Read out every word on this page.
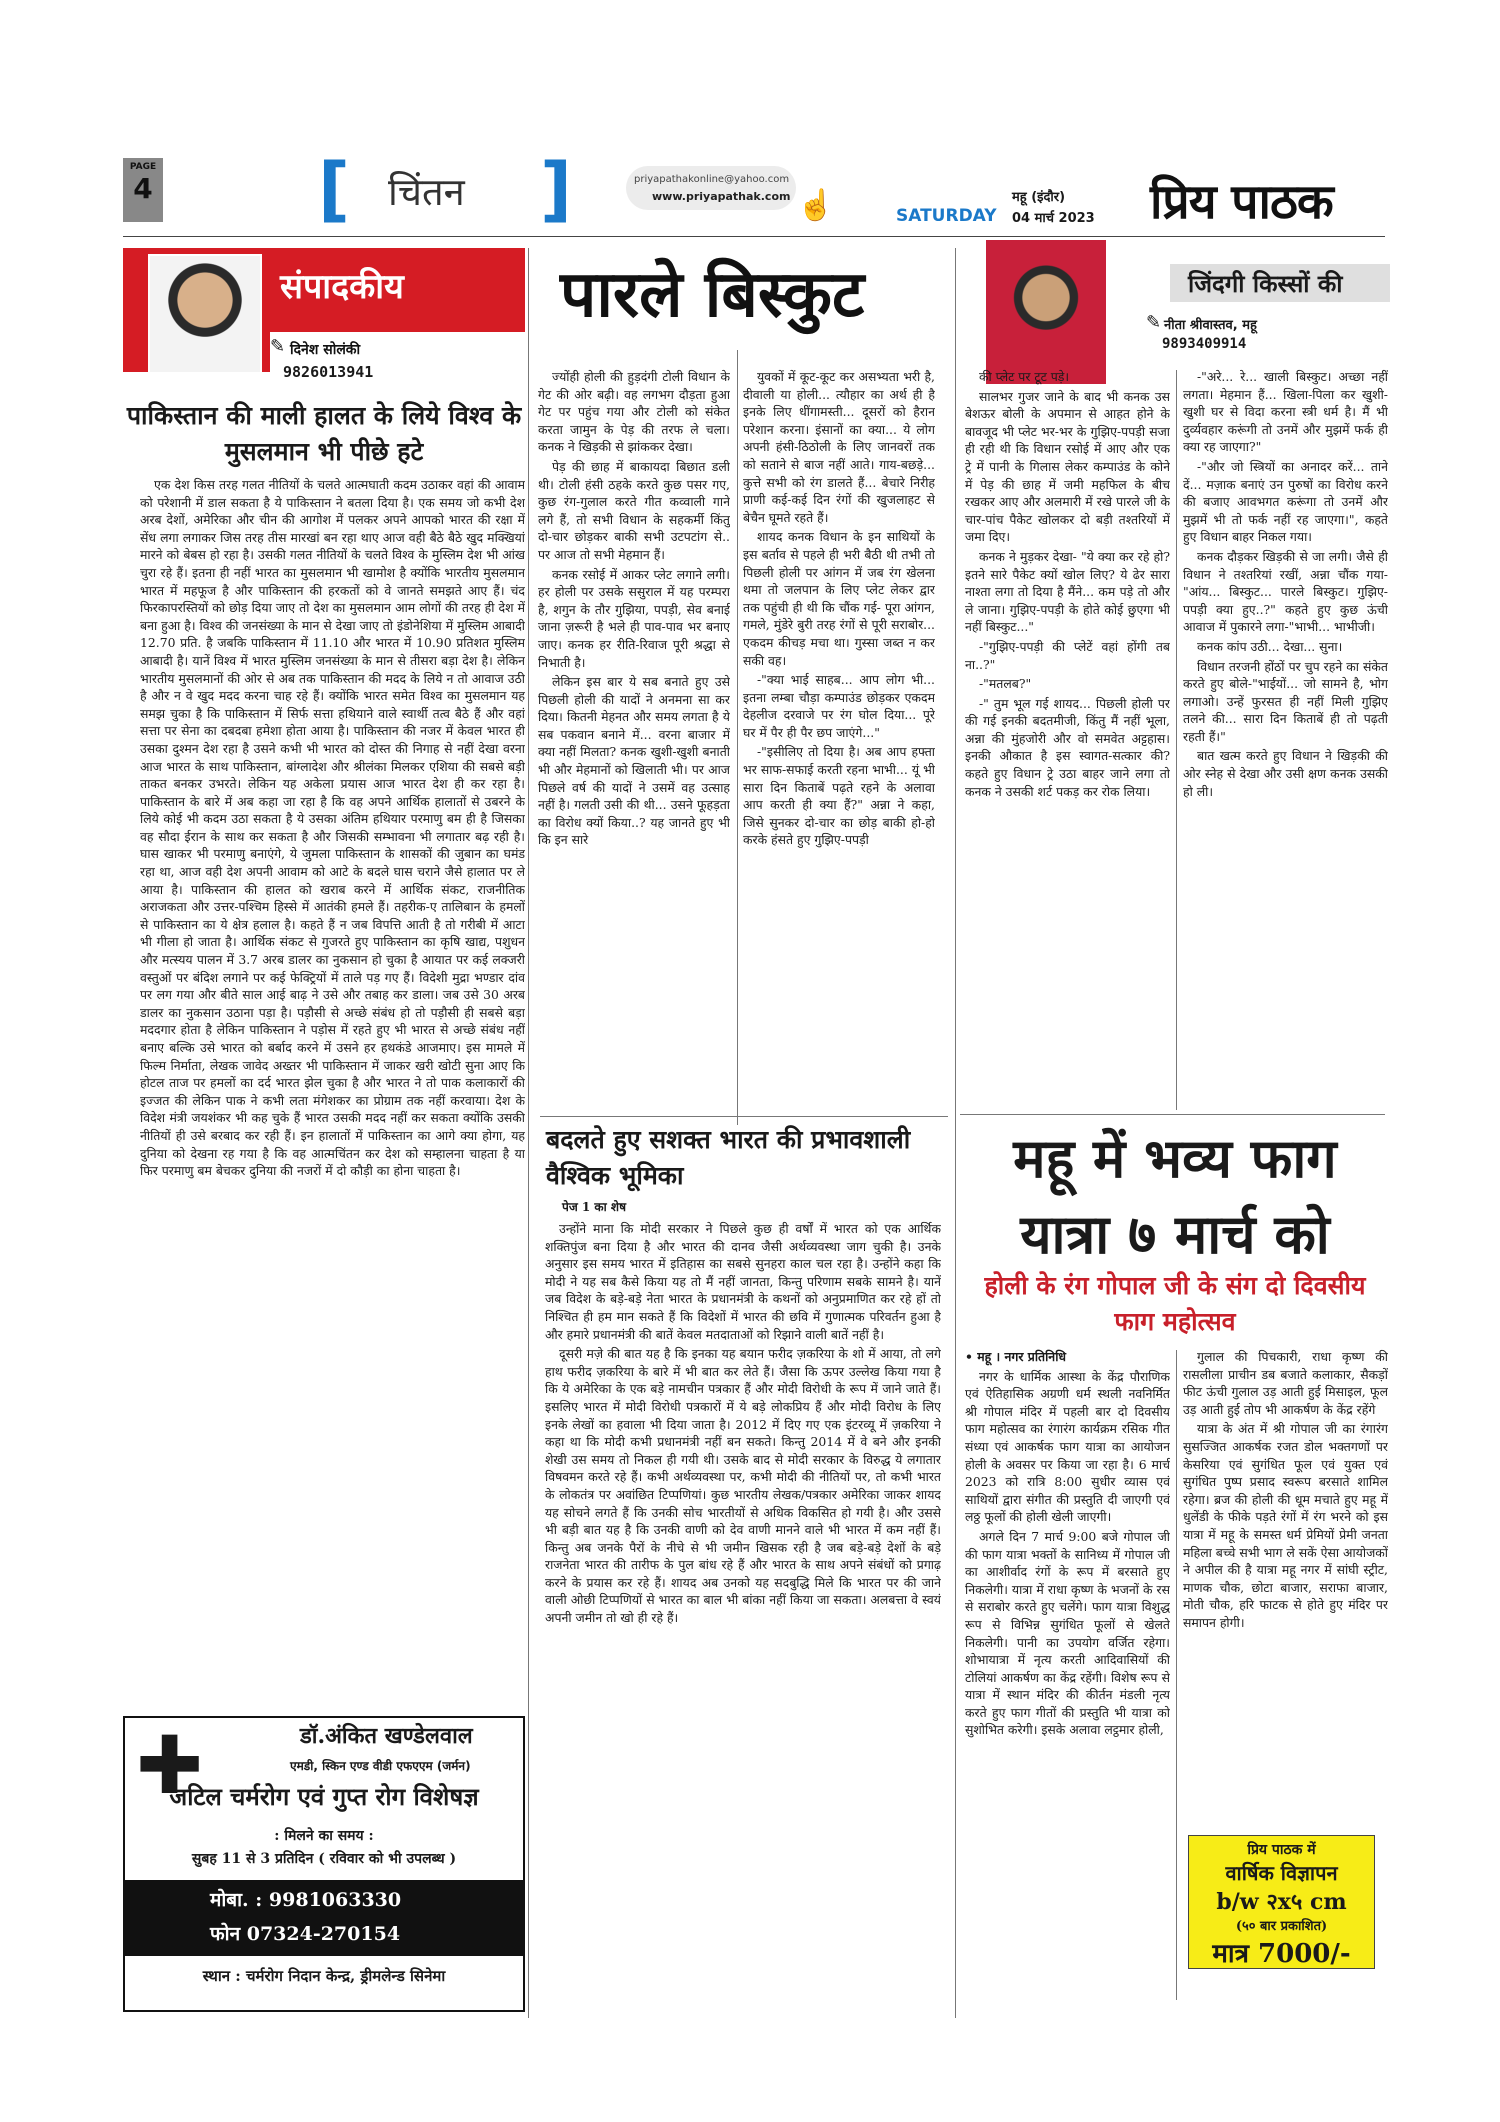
PAGE
4 [ चिंतन ]	priyapathakonline@yahoo.com
www.priyapathak.com ☝	SATURDAY
महू (इंदौर)
04 मार्च 2023 प्रिय पाठक
संपादकीय
✎ दिनेश सोलंकी
9826013941
पाकिस्तान की माली हालत के लिये विश्व के मुसलमान भी पीछे हटे

एक देश किस तरह गलत नीतियों के चलते आत्मघाती कदम उठाकर वहां की आवाम को परेशानी में डाल सकता है ये पाकिस्तान ने बतला दिया है। एक समय जो कभी देश अरब देशों, अमेरिका और चीन की आगोश में पलकर अपने आपको भारत की रक्षा में सेंध लगा लगाकर जिस तरह तीस मारखां बन रहा थाए आज वही बैठे बैठे खुद मक्खियां मारने को बेबस हो रहा है। उसकी गलत नीतियों के चलते विश्व के मुस्लिम देश भी आंख चुरा रहे हैं। इतना ही नहीं भारत का मुसलमान भी खामोश है क्योंकि भारतीय मुसलमान भारत में महफूज है और पाकिस्तान की हरकतों को वे जानते समझते आए हैं। चंद फिरकापरस्तियों को छोड़ दिया जाए तो देश का मुसलमान आम लोगों की तरह ही देश में बना हुआ है। विश्व की जनसंख्या के मान से देखा जाए तो इंडोनेशिया में मुस्लिम आबादी 12.70 प्रति. है जबकि पाकिस्तान में 11.10 और भारत में 10.90 प्रतिशत मुस्लिम आबादी है। यानें विश्व में भारत मुस्लिम जनसंख्या के मान से तीसरा बड़ा देश है। लेकिन भारतीय मुसलमानों की ओर से अब तक पाकिस्तान की मदद के लिये न तो आवाज उठी है और न वे खुद मदद करना चाह रहे हैं। क्योंकि भारत समेत विश्व का मुसलमान यह समझ चुका है कि पाकिस्तान में सिर्फ सत्ता हथियाने वाले स्वार्थी तत्व बैठे हैं और वहां सत्ता पर सेना का दबदबा हमेशा होता आया है। पाकिस्तान की नजर में केवल भारत ही उसका दुश्मन देश रहा है उसने कभी भी भारत को दोस्त की निगाह से नहीं देखा वरना आज भारत के साथ पाकिस्तान, बांग्लादेश और श्रीलंका मिलकर एशिया की सबसे बड़ी ताकत बनकर उभरते। लेकिन यह अकेला प्रयास आज भारत देश ही कर रहा है। पाकिस्तान के बारे में अब कहा जा रहा है कि वह अपने आर्थिक हालातों से उबरने के लिये कोई भी कदम उठा सकता है ये उसका अंतिम हथियार परमाणु बम ही है जिसका वह सौदा ईरान के साथ कर सकता है और जिसकी सम्भावना भी लगातार बढ़ रही है। घास खाकर भी परमाणु बनाएंगे, ये जुमला पाकिस्तान के शासकों की जुबान का घमंड रहा था, आज वही देश अपनी आवाम को आटे के बदले घास चराने जैसे हालात पर ले आया है। पाकिस्तान की हालत को खराब करने में आर्थिक संकट, राजनीतिक अराजकता और उत्तर-पश्चिम हिस्से में आतंकी हमले हैं। तहरीक-ए तालिबान के हमलों से पाकिस्तान का ये क्षेत्र हलाल है। कहते हैं न जब विपत्ति आती है तो गरीबी में आटा भी गीला हो जाता है। आर्थिक संकट से गुजरते हुए पाकिस्तान का कृषि खाद्य, पशुधन और मत्स्यय पालन में 3.7 अरब डालर का नुकसान हो चुका है आयात पर कई लक्जरी वस्तुओं पर बंदिश लगाने पर कई फेक्ट्रियों में ताले पड़ गए हैं। विदेशी मुद्रा भण्डार दांव पर लग गया और बीते साल आई बाढ़ ने उसे और तबाह कर डाला। जब उसे 30 अरब डालर का नुकसान उठाना पड़ा है। पड़ौसी से अच्छे संबंध हो तो पड़ौसी ही सबसे बड़ा मददगार होता है लेकिन पाकिस्तान ने पड़ोस में रहते हुए भी भारत से अच्छे संबंध नहीं बनाए बल्कि उसे भारत को बर्बाद करने में उसने हर हथकंडे आजमाए। इस मामले में फिल्म निर्माता, लेखक जावेद अख्तर भी पाकिस्तान में जाकर खरी खोटी सुना आए कि होटल ताज पर हमलों का दर्द भारत झेल चुका है और भारत ने तो पाक कलाकारों की इज्जत की लेकिन पाक ने कभी लता मंगेशकर का प्रोग्राम तक नहीं करवाया। देश के विदेश मंत्री जयशंकर भी कह चुके हैं भारत उसकी मदद नहीं कर सकता क्योंकि उसकी नीतियों ही उसे बरबाद कर रही हैं। इन हालातों में पाकिस्तान का आगे क्या होगा, यह दुनिया को देखना रह गया है कि वह आत्मचिंतन कर देश को सम्हालना चाहता है या फिर परमाणु बम बेचकर दुनिया की नजरों में दो कौड़ी का होना चाहता है।

✚	डॉ.अंकित खण्डेलवाल
एमडी, स्किन एण्ड वीडी एफएएम (जर्मन)
जटिल चर्मरोग एवं गुप्त रोग विशेषज्ञ
: मिलने का समय :
सुबह 11 से 3 प्रतिदिन ( रविवार को भी उपलब्ध )
मोबा. : 9981063330
फोन 07324-270154
स्थान : चर्मरोग निदान केन्द्र, ड्रीमलेन्ड सिनेमा
पारले बिस्कुट

ज्योंही होली की हुड़दंगी टोली विधान के गेट की ओर बढ़ी। वह लगभग दौड़ता हुआ गेट पर पहुंच गया और टोली को संकेत करता जामुन के पेड़ की तरफ ले चला। कनक ने खिड़की से झांककर देखा।

पेड़ की छाह में बाकायदा बिछात डली थी। टोली हंसी ठहके करते कुछ पसर गए, कुछ रंग-गुलाल करते गीत कव्वाली गाने लगे हैं, तो सभी विधान के सहकर्मी किंतु दो-चार छोड़कर बाकी सभी उटपटांग से.. पर आज तो सभी मेहमान हैं।

कनक रसोई में आकर प्लेट लगाने लगी। हर होली पर उसके ससुराल में यह परम्परा है, शगुन के तौर गुझिया, पपड़ी, सेव बनाई जाना ज़रूरी है भले ही पाव-पाव भर बनाए जाए। कनक हर रीति-रिवाज पूरी श्रद्धा से निभाती है।

लेकिन इस बार ये सब बनाते हुए उसे पिछली होली की यादों ने अनमना सा कर दिया। कितनी मेहनत और समय लगता है ये सब पकवान बनाने में... वरना बाजार में क्या नहीं मिलता? कनक खुशी-खुशी बनाती भी और मेहमानों को खिलाती भी। पर आज पिछले वर्ष की यादों ने उसमें वह उत्साह नहीं है। गलती उसी की थी... उसने फूहड़ता का विरोध क्यों किया..? यह जानते हुए भी कि इन सारे

युवकों में कूट-कूट कर असभ्यता भरी है, दीवाली या होली... त्यौहार का अर्थ ही है इनके लिए धींगामस्ती... दूसरों को हैरान परेशान करना। इंसानों का क्या... ये लोग अपनी हंसी-ठिठोली के लिए जानवरों तक को सताने से बाज नहीं आते। गाय-बछड़े... कुत्ते सभी को रंग डालते हैं... बेचारे निरीह प्राणी कई-कई दिन रंगों की खुजलाहट से बेचैन घूमते रहते हैं।

शायद कनक विधान के इन साथियों के इस बर्ताव से पहले ही भरी बैठी थी तभी तो पिछली होली पर आंगन में जब रंग खेलना थमा तो जलपान के लिए प्लेट लेकर द्वार तक पहुंची ही थी कि चौंक गई- पूरा आंगन, गमले, मुंडेरे बुरी तरह रंगों से पूरी सराबोर... एकदम कीचड़ मचा था। गुस्सा जब्त न कर सकी वह।

-"क्या भाई साहब... आप लोग भी... इतना लम्बा चौड़ा कम्पाउंड छोड़कर एकदम देहलीज दरवाजे पर रंग घोल दिया... पूरे घर में पैर ही पैर छप जाएंगे..."

-"इसीलिए तो दिया है। अब आप हफ्ता भर साफ-सफाई करती रहना भाभी... यूं भी सारा दिन किताबें पढ़ते रहने के अलावा आप करती ही क्या हैं?" अन्ना ने कहा, जिसे सुनकर दो-चार का छोड़ बाकी हो-हो करके हंसते हुए गुझिए-पपड़ी

जिंदगी किस्सों की
✎ नीता श्रीवास्तव, महू
9893409914

की प्लेट पर टूट पड़े।

सालभर गुजर जाने के बाद भी कनक उस बेशऊर बोली के अपमान से आहत होने के बावजूद भी प्लेट भर-भर के गुझिए-पपड़ी सजा ही रही थी कि विधान रसोई में आए और एक ट्रे में पानी के गिलास लेकर कम्पाउंड के कोने में पेड़ की छाह में जमी महफिल के बीच रखकर आए और अलमारी में रखे पारले जी के चार-पांच पैकेट खोलकर दो बड़ी तश्तरियों में जमा दिए।

कनक ने मुड़कर देखा- "ये क्या कर रहे हो? इतने सारे पैकेट क्यों खोल लिए? ये ढेर सारा नाश्ता लगा तो दिया है मैंने... कम पड़े तो और ले जाना। गुझिए-पपड़ी के होते कोई छुएगा भी नहीं बिस्कुट..."

-"गुझिए-पपड़ी की प्लेटें वहां होंगी तब ना..?"

-"मतलब?"

-" तुम भूल गई शायद... पिछली होली पर की गई इनकी बदतमीजी, किंतु मैं नहीं भूला, अन्ना की मुंहजोरी और वो समवेत अट्टहास। इनकी औकात है इस स्वागत-सत्कार की? कहते हुए विधान ट्रे उठा बाहर जाने लगा तो कनक ने उसकी शर्ट पकड़ कर रोक लिया।

-"अरे... रे... खाली बिस्कुट। अच्छा नहीं लगता। मेहमान हैं... खिला-पिला कर खुशी-खुशी घर से विदा करना स्त्री धर्म है। मैं भी दुर्व्यवहार करूंगी तो उनमें और मुझमें फर्क ही क्या रह जाएगा?"

-"और जो स्त्रियों का अनादर करें... ताने दें... मज़ाक बनाएं उन पुरुषों का विरोध करने की बजाए आवभगत करूंगा तो उनमें और मुझमें भी तो फर्क नहीं रह जाएगा।", कहते हुए विधान बाहर निकल गया।

कनक दौड़कर खिड़की से जा लगी। जैसे ही विधान ने तश्तरियां रखीं, अन्ना चौंक गया- "आंय... बिस्कुट... पारले बिस्कुट। गुझिए-पपड़ी क्या हुए..?" कहते हुए कुछ ऊंची आवाज में पुकारने लगा-"भाभी... भाभीजी।

कनक कांप उठी... देखा... सुना।

विधान तरजनी होंठों पर चुप रहने का संकेत करते हुए बोले-"भाईयों... जो सामने है, भोग लगाओ। उन्हें फुरसत ही नहीं मिली गुझिए तलने की... सारा दिन किताबें ही तो पढ़ती रहती हैं।"

बात खत्म करते हुए विधान ने खिड़की की ओर स्नेह से देखा और उसी क्षण कनक उसकी हो ली।

बदलते हुए सशक्त भारत की प्रभावशाली वैश्विक भूमिका
पेज 1 का शेष

उन्होंने माना कि मोदी सरकार ने पिछले कुछ ही वर्षों में भारत को एक आर्थिक शक्तिपुंज बना दिया है और भारत की दानव जैसी अर्थव्यवस्था जाग चुकी है। उनके अनुसार इस समय भारत में इतिहास का सबसे सुनहरा काल चल रहा है। उन्होंने कहा कि मोदी ने यह सब कैसे किया यह तो मैं नहीं जानता, किन्तु परिणाम सबके सामने है। यानें जब विदेश के बड़े-बड़े नेता भारत के प्रधानमंत्री के कथनों को अनुप्रमाणित कर रहे हों तो निश्चित ही हम मान सकते हैं कि विदेशों में भारत की छवि में गुणात्मक परिवर्तन हुआ है और हमारे प्रधानमंत्री की बातें केवल मतदाताओं को रिझाने वाली बातें नहीं है।

दूसरी मज़े की बात यह है कि इनका यह बयान फरीद ज़करिया के शो में आया, तो लगे हाथ फरीद ज़करिया के बारे में भी बात कर लेते हैं। जैसा कि ऊपर उल्लेख किया गया है कि ये अमेरिका के एक बड़े नामचीन पत्रकार हैं और मोदी विरोधी के रूप में जाने जाते हैं। इसलिए भारत में मोदी विरोधी पत्रकारों में ये बड़े लोकप्रिय हैं और मोदी विरोध के लिए इनके लेखों का हवाला भी दिया जाता है। 2012 में दिए गए एक इंटरव्यू में ज़करिया ने कहा था कि मोदी कभी प्रधानमंत्री नहीं बन सकते। किन्तु 2014 में वे बने और इनकी शेखी उस समय तो निकल ही गयी थी। उसके बाद से मोदी सरकार के विरुद्ध ये लगातार विषवमन करते रहे हैं। कभी अर्थव्यवस्था पर, कभी मोदी की नीतियों पर, तो कभी भारत के लोकतंत्र पर अवांछित टिप्पणियां। कुछ भारतीय लेखक/पत्रकार अमेरिका जाकर शायद यह सोचने लगते हैं कि उनकी सोच भारतीयों से अधिक विकसित हो गयी है। और उससे भी बड़ी बात यह है कि उनकी वाणी को देव वाणी मानने वाले भी भारत में कम नहीं हैं। किन्तु अब जनके पैरों के नीचे से भी जमीन खिसक रही है जब बड़े-बड़े देशों के बड़े राजनेता भारत की तारीफ के पुल बांध रहे हैं और भारत के साथ अपने संबंधों को प्रगाढ़ करने के प्रयास कर रहे हैं। शायद अब उनको यह सदबुद्धि मिले कि भारत पर की जाने वाली ओछी टिप्पणियों से भारत का बाल भी बांका नहीं किया जा सकता। अलबत्ता वे स्वयं अपनी जमीन तो खो ही रहे हैं।

महू में भव्य फाग यात्रा ७ मार्च को
होली के रंग गोपाल जी के संग दो दिवसीय फाग महोत्सव

• महू । नगर प्रतिनिधि

नगर के धार्मिक आस्था के केंद्र पौराणिक एवं ऐतिहासिक अग्रणी धर्म स्थली नवनिर्मित श्री गोपाल मंदिर में पहली बार दो दिवसीय फाग महोत्सव का रंगारंग कार्यक्रम रसिक गीत संध्या एवं आकर्षक फाग यात्रा का आयोजन होली के अवसर पर किया जा रहा है। 6 मार्च 2023 को रात्रि 8:00 सुधीर व्यास एवं साथियों द्वारा संगीत की प्रस्तुति दी जाएगी एवं लठ्ठ फूलों की होली खेली जाएगी।

अगले दिन 7 मार्च 9:00 बजे गोपाल जी की फाग यात्रा भक्तों के सानिध्य में गोपाल जी का आशीर्वाद रंगों के रूप में बरसाते हुए निकलेगी। यात्रा में राधा कृष्ण के भजनों के रस से सराबोर करते हुए चलेंगे। फाग यात्रा विशुद्ध रूप से विभिन्न सुगंधित फूलों से खेलते निकलेगी। पानी का उपयोग वर्जित रहेगा। शोभायात्रा में नृत्य करती आदिवासियों की टोलियां आकर्षण का केंद्र रहेंगी। विशेष रूप से यात्रा में स्थान मंदिर की कीर्तन मंडली नृत्य करते हुए फाग गीतों की प्रस्तुति भी यात्रा को सुशोभित करेगी। इसके अलावा लट्ठमार होली,

गुलाल की पिचकारी, राधा कृष्ण की रासलीला प्राचीन डब बजाते कलाकार, सैकड़ों फीट ऊंची गुलाल उड़ आती हुई मिसाइल, फूल उड़ आती हुई तोप भी आकर्षण के केंद्र रहेंगे

यात्रा के अंत में श्री गोपाल जी का रंगारंग सुसज्जित आकर्षक रजत डोल भक्तगणों पर केसरिया एवं सुगंधित फूल एवं युक्त एवं सुगंधित पुष्प प्रसाद स्वरूप बरसाते शामिल रहेगा। ब्रज की होली की धूम मचाते हुए महू में धुलेंडी के फीके पड़ते रंगों में रंग भरने को इस यात्रा में महू के समस्त धर्म प्रेमियों प्रेमी जनता महिला बच्चे सभी भाग ले सकें ऐसा आयोजकों ने अपील की है यात्रा महू नगर में सांघी स्ट्रीट, माणक चौक, छोटा बाजार, सराफा बाजार, मोती चौक, हरि फाटक से होते हुए मंदिर पर समापन होगी।

प्रिय पाठक में
वार्षिक विज्ञापन
b/w २x५ cm
(५० बार प्रकाशित)
मात्र 7000/-
